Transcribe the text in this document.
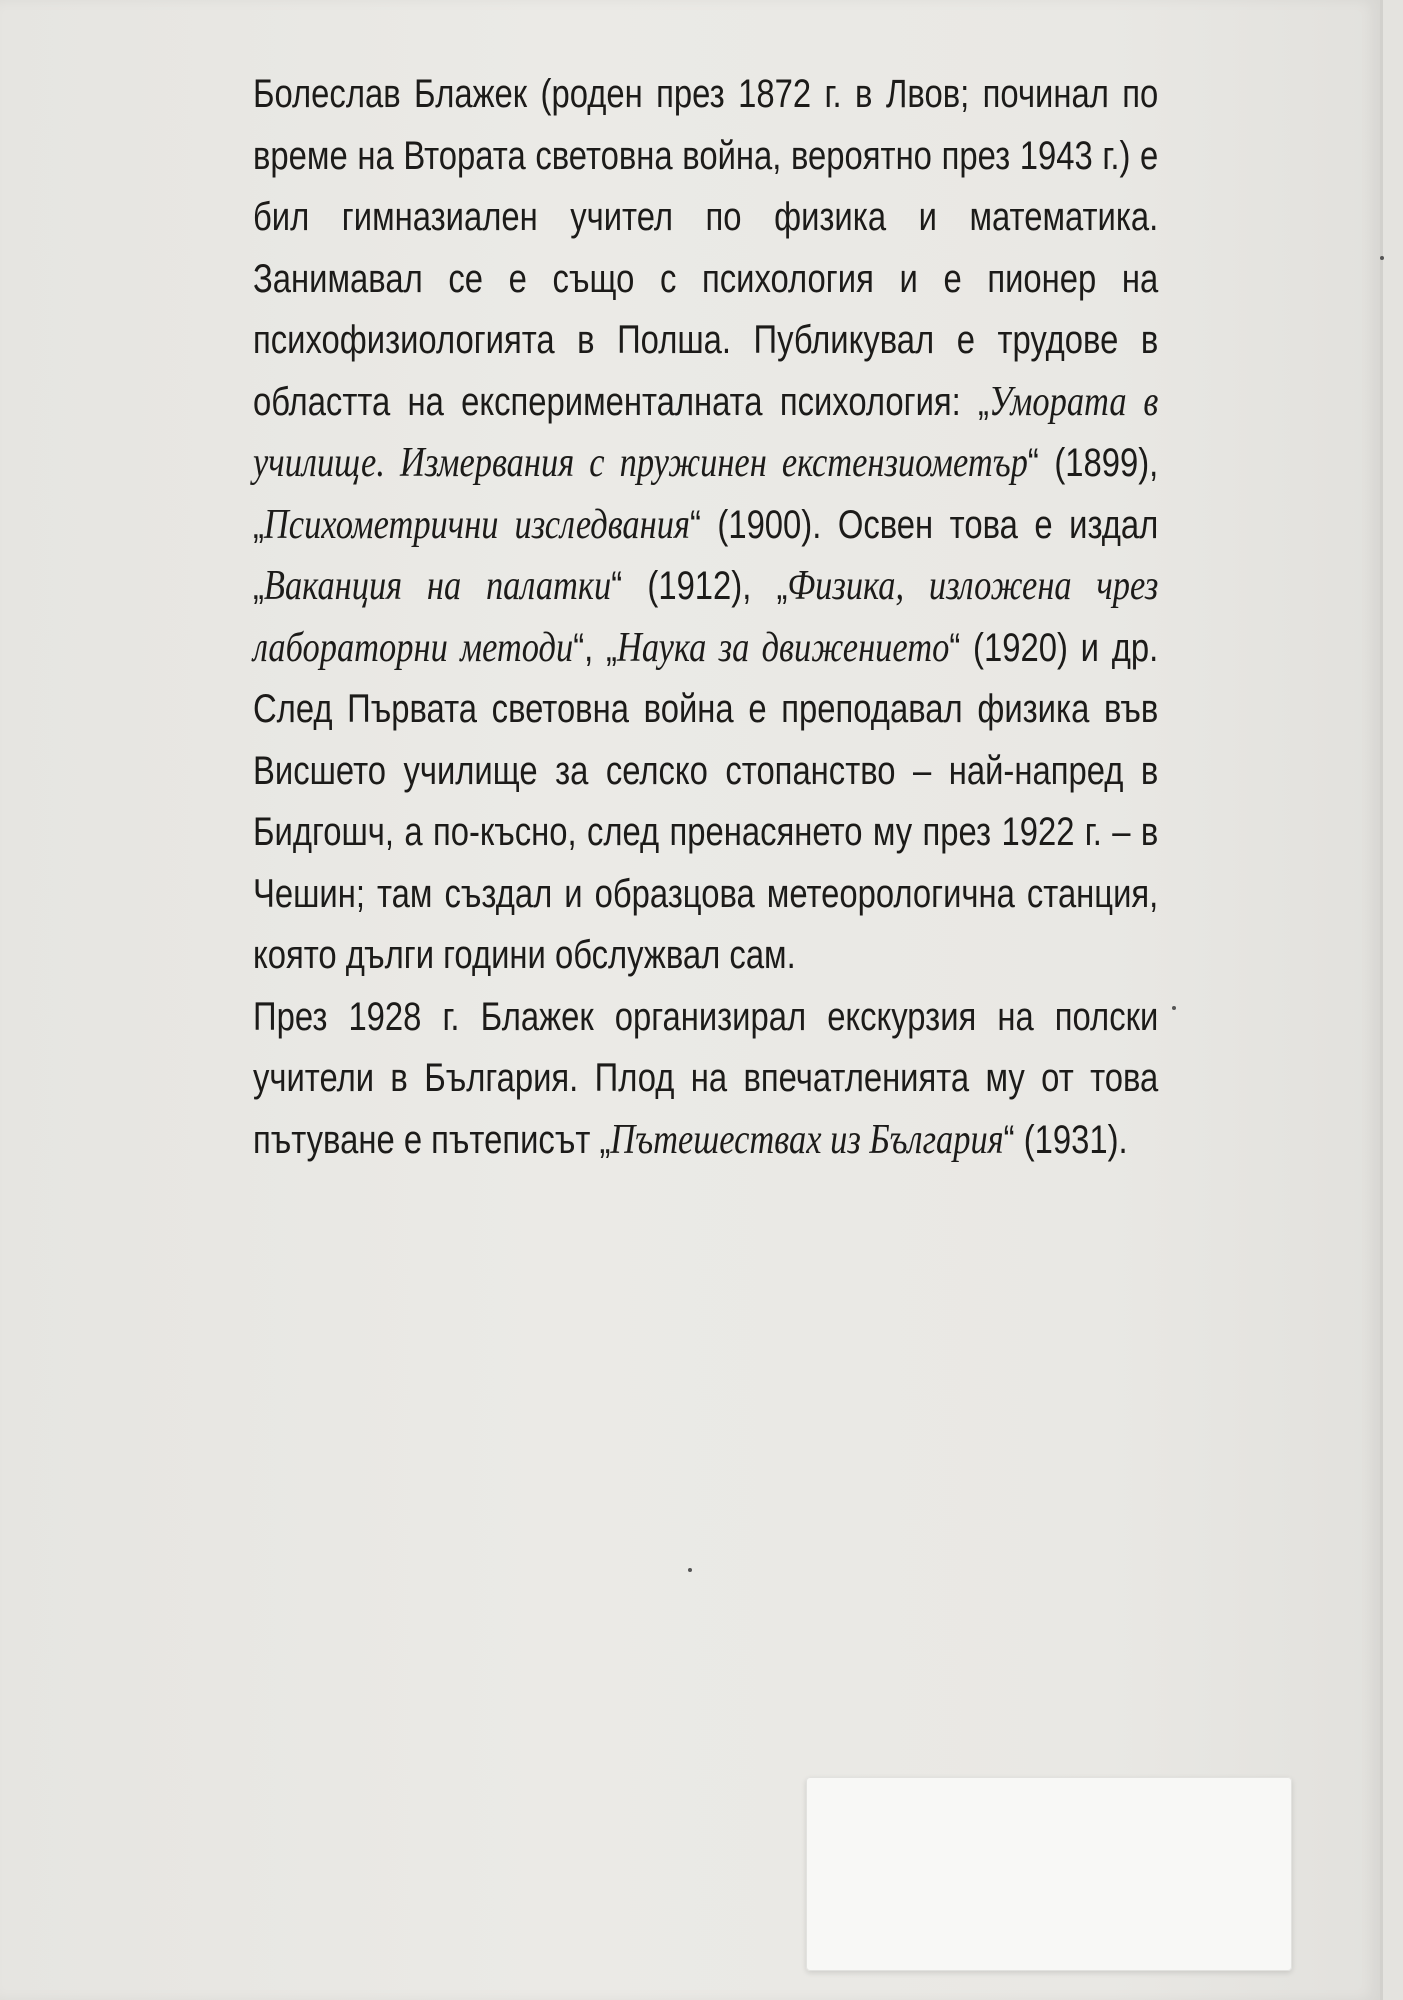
Болеслав Блажек (роден през 1872 г. в Лвов; починал по време на Втората световна война, вероятно през 1943 г.) е бил гимназиален учител по физика и математика. Занимавал се е също с психология и е пионер на психофизиологията в Полша. Публикувал е трудове в областта на експерименталната психология: „Умората в училище. Измервания с пружинен екстензиометър“ (1899), „Психометрични изследвания“ (1900). Освен това е издал „Ваканция на палатки“ (1912), „Физика, изложена чрез лабораторни методи“, „Наука за движението“ (1920) и др. След Първата световна война е преподавал физика във Висшето училище за селско стопанство – най-напред в Бидгошч, а по-късно, след пренасянето му през 1922 г. – в Чешин; там създал и образцова метеорологична станция, която дълги години обслужвал сам.

През 1928 г. Блажек организирал екскурзия на полски учители в България. Плод на впечатленията му от това пътуване е пътеписът „Пътешествах из България“ (1931).
